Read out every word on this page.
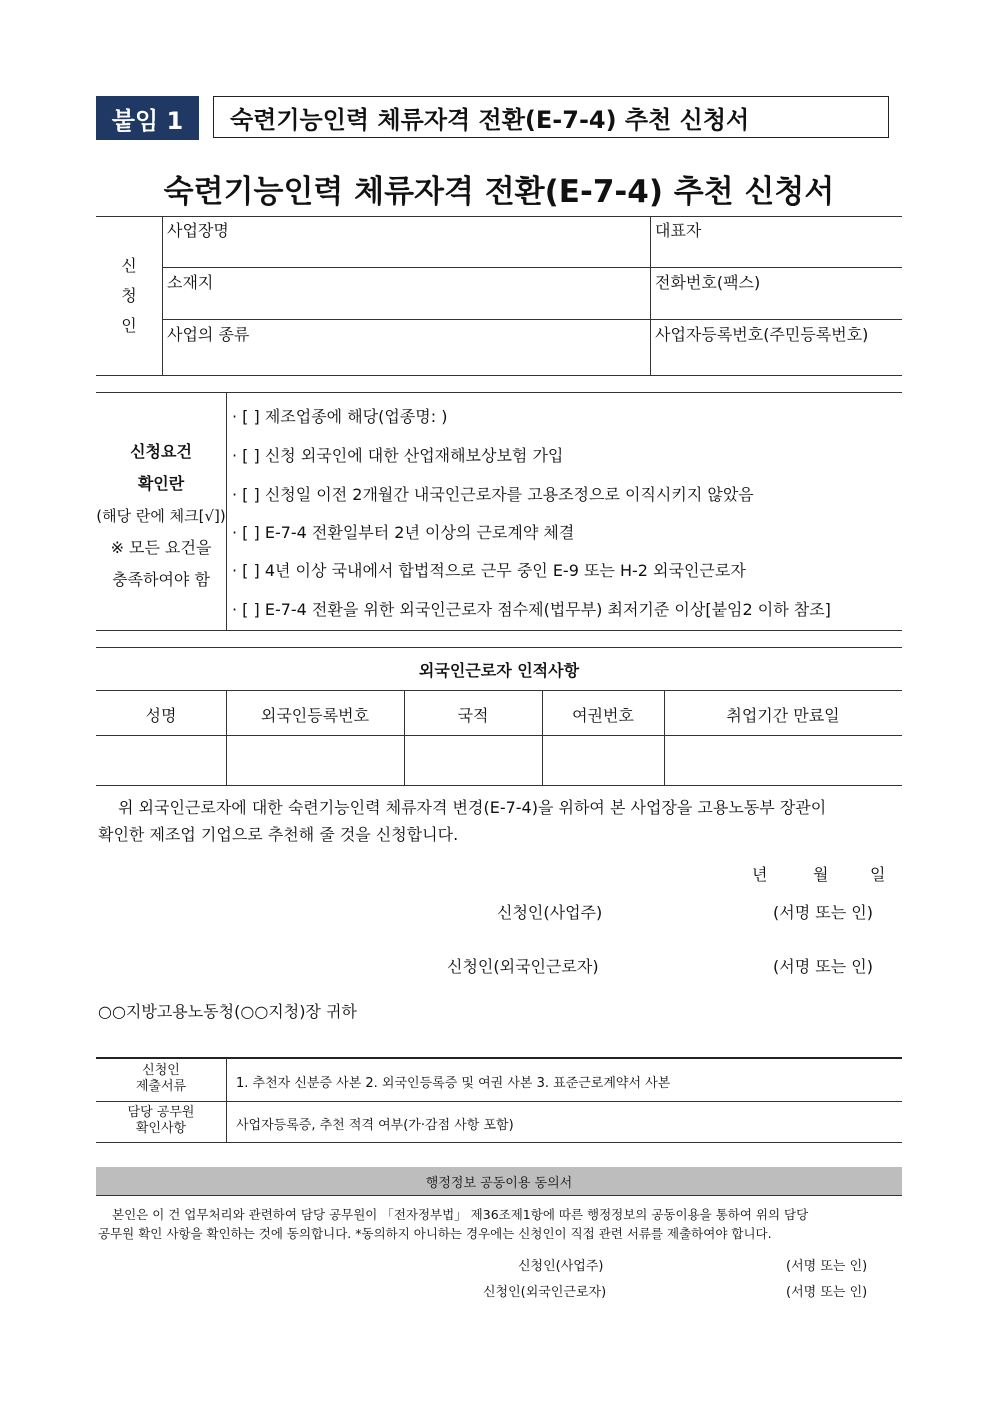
붙임 1	숙련기능인력 체류자격 전환(E-7-4) 추천 신청서
숙련기능인력 체류자격 전환(E-7-4) 추천 신청서
신
청
인
사업장명	대표자
소재지	전화번호(팩스)
사업의 종류	사업자등록번호(주민등록번호)
신청요건
확인란
(해당 란에 체크[√])
※ 모든 요건을
충족하여야 함
· [ ] 제조업종에 해당(업종명: )
· [ ] 신청 외국인에 대한 산업재해보상보험 가입
· [ ] 신청일 이전 2개월간 내국인근로자를 고용조정으로 이직시키지 않았음
· [ ] E-7-4 전환일부터 2년 이상의 근로계약 체결
· [ ] 4년 이상 국내에서 합법적으로 근무 중인 E-9 또는 H-2 외국인근로자
· [ ] E-7-4 전환을 위한 외국인근로자 점수제(법무부) 최저기준 이상[붙임2 이하 참조]
외국인근로자 인적사항
성명	외국인등록번호	국적	여권번호	취업기간 만료일
위 외국인근로자에 대한 숙련기능인력 체류자격 변경(E-7-4)을 위하여 본 사업장을 고용노동부 장관이
확인한 제조업 기업으로 추천해 줄 것을 신청합니다.
년	월	일
신청인(사업주)	(서명 또는 인)
신청인(외국인근로자)	(서명 또는 인)
○○지방고용노동청(○○지청)장 귀하
신청인
제출서류	1. 추천자 신분증 사본 2. 외국인등록증 및 여권 사본 3. 표준근로계약서 사본
담당 공무원
확인사항	사업자등록증, 추천 적격 여부(가·감점 사항 포함)
행정정보 공동이용 동의서
본인은 이 건 업무처리와 관련하여 담당 공무원이 「전자정부법」 제36조제1항에 따른 행정정보의 공동이용을 통하여 위의 담당
공무원 확인 사항을 확인하는 것에 동의합니다. *동의하지 아니하는 경우에는 신청인이 직접 관련 서류를 제출하여야 합니다.
신청인(사업주)	(서명 또는 인)
신청인(외국인근로자)	(서명 또는 인)
